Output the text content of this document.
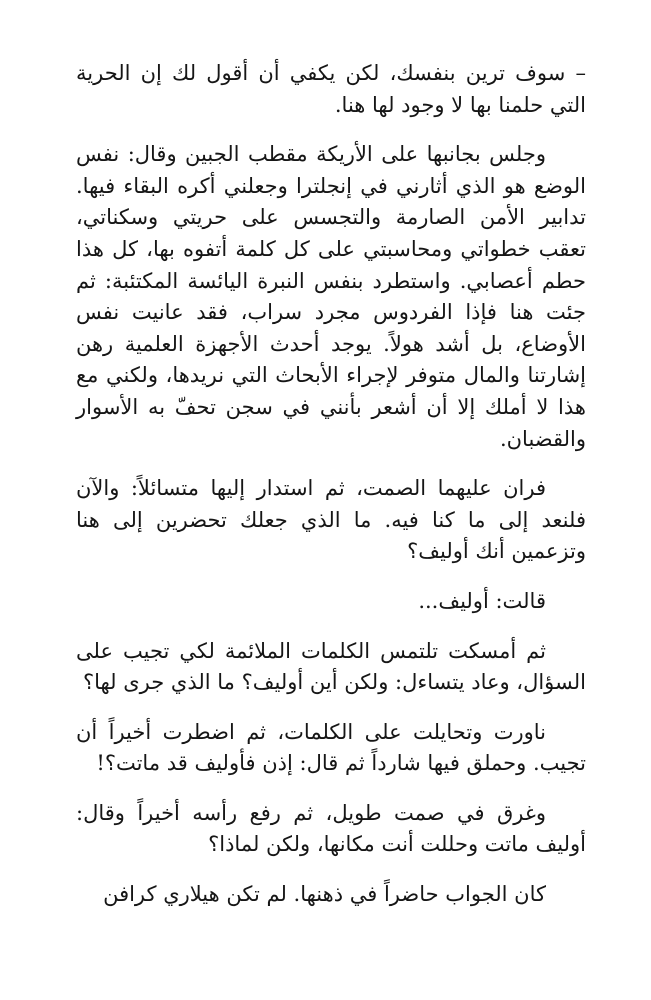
– سوف ترين بنفسك، لكن يكفي أن أقول لك إن الحرية التي حلمنا بها لا وجود لها هنا.

وجلس بجانبها على الأريكة مقطب الجبين وقال: نفس الوضع هو الذي أثارني في إنجلترا وجعلني أكره البقاء فيها. تدابير الأمن الصارمة والتجسس على حريتي وسكناتي، تعقب خطواتي ومحاسبتي على كل كلمة أتفوه بها، كل هذا حطم أعصابي. واستطرد بنفس النبرة اليائسة المكتئبة: ثم جئت هنا فإذا الفردوس مجرد سراب، فقد عانيت نفس الأوضاع، بل أشد هولاً. يوجد أحدث الأجهزة العلمية رهن إشارتنا والمال متوفر لإجراء الأبحاث التي نريدها، ولكني مع هذا لا أملك إلا أن أشعر بأنني في سجن تحفّ به الأسوار والقضبان.

فران عليهما الصمت، ثم استدار إليها متسائلاً: والآن فلنعد إلى ما كنا فيه. ما الذي جعلك تحضرين إلى هنا وتزعمين أنك أوليف؟

قالت: أوليف...

ثم أمسكت تلتمس الكلمات الملائمة لكي تجيب على السؤال، وعاد يتساءل: ولكن أين أوليف؟ ما الذي جرى لها؟

ناورت وتحايلت على الكلمات، ثم اضطرت أخيراً أن تجيب. وحملق فيها شارداً ثم قال: إذن فأوليف قد ماتت؟!

وغرق في صمت طويل، ثم رفع رأسه أخيراً وقال: أوليف ماتت وحللت أنت مكانها، ولكن لماذا؟

كان الجواب حاضراً في ذهنها. لم تكن هيلاري كرافن
